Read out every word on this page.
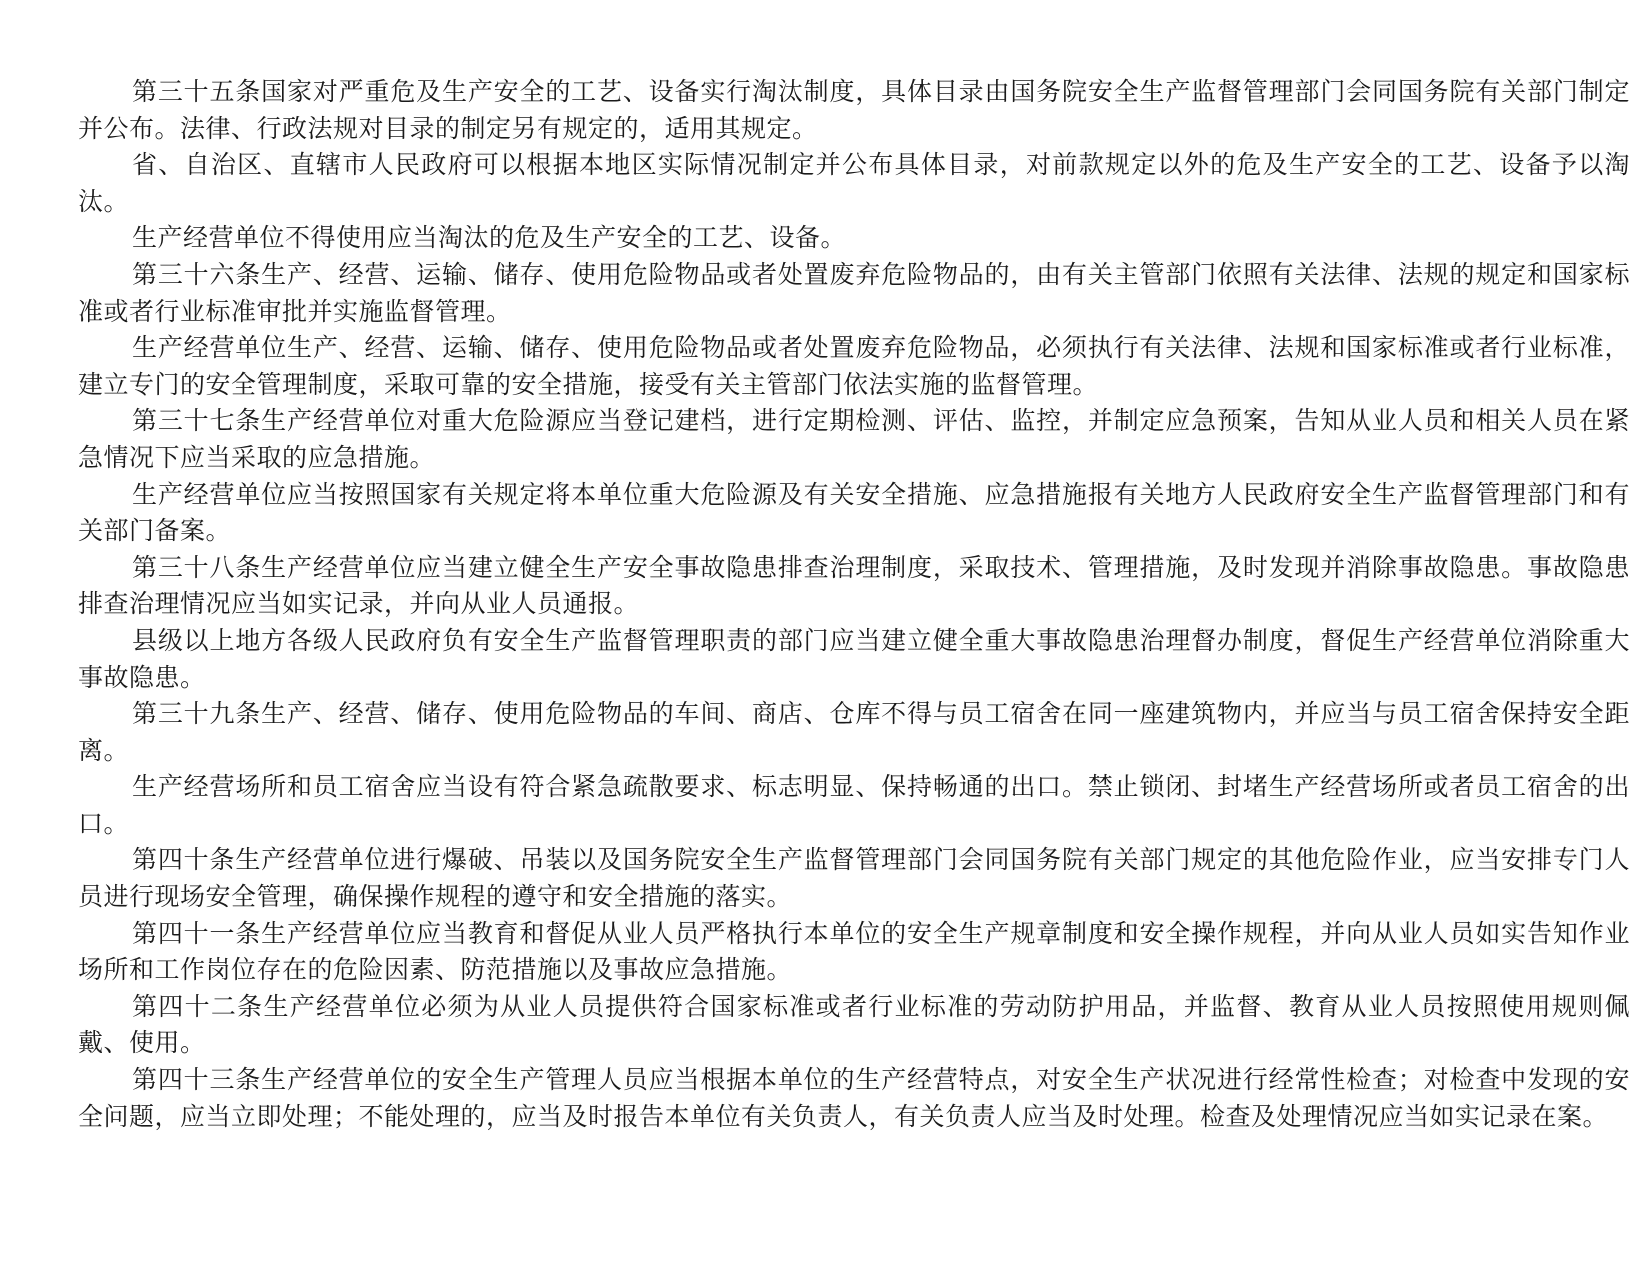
第三十五条国家对严重危及生产安全的工艺、设备实行淘汰制度，具体目录由国务院安全生产监督管理部门会同国务院有关部门制定并公布。法律、行政法规对目录的制定另有规定的，适用其规定。

省、自治区、直辖市人民政府可以根据本地区实际情况制定并公布具体目录，对前款规定以外的危及生产安全的工艺、设备予以淘汰。

生产经营单位不得使用应当淘汰的危及生产安全的工艺、设备。

第三十六条生产、经营、运输、储存、使用危险物品或者处置废弃危险物品的，由有关主管部门依照有关法律、法规的规定和国家标准或者行业标准审批并实施监督管理。

生产经营单位生产、经营、运输、储存、使用危险物品或者处置废弃危险物品，必须执行有关法律、法规和国家标准或者行业标准，建立专门的安全管理制度，采取可靠的安全措施，接受有关主管部门依法实施的监督管理。

第三十七条生产经营单位对重大危险源应当登记建档，进行定期检测、评估、监控，并制定应急预案，告知从业人员和相关人员在紧急情况下应当采取的应急措施。

生产经营单位应当按照国家有关规定将本单位重大危险源及有关安全措施、应急措施报有关地方人民政府安全生产监督管理部门和有关部门备案。

第三十八条生产经营单位应当建立健全生产安全事故隐患排查治理制度，采取技术、管理措施，及时发现并消除事故隐患。事故隐患排查治理情况应当如实记录，并向从业人员通报。

县级以上地方各级人民政府负有安全生产监督管理职责的部门应当建立健全重大事故隐患治理督办制度，督促生产经营单位消除重大事故隐患。

第三十九条生产、经营、储存、使用危险物品的车间、商店、仓库不得与员工宿舍在同一座建筑物内，并应当与员工宿舍保持安全距离。

生产经营场所和员工宿舍应当设有符合紧急疏散要求、标志明显、保持畅通的出口。禁止锁闭、封堵生产经营场所或者员工宿舍的出口。

第四十条生产经营单位进行爆破、吊装以及国务院安全生产监督管理部门会同国务院有关部门规定的其他危险作业，应当安排专门人员进行现场安全管理，确保操作规程的遵守和安全措施的落实。

第四十一条生产经营单位应当教育和督促从业人员严格执行本单位的安全生产规章制度和安全操作规程，并向从业人员如实告知作业场所和工作岗位存在的危险因素、防范措施以及事故应急措施。

第四十二条生产经营单位必须为从业人员提供符合国家标准或者行业标准的劳动防护用品，并监督、教育从业人员按照使用规则佩戴、使用。

第四十三条生产经营单位的安全生产管理人员应当根据本单位的生产经营特点，对安全生产状况进行经常性检查；对检查中发现的安全问题，应当立即处理；不能处理的，应当及时报告本单位有关负责人，有关负责人应当及时处理。检查及处理情况应当如实记录在案。
